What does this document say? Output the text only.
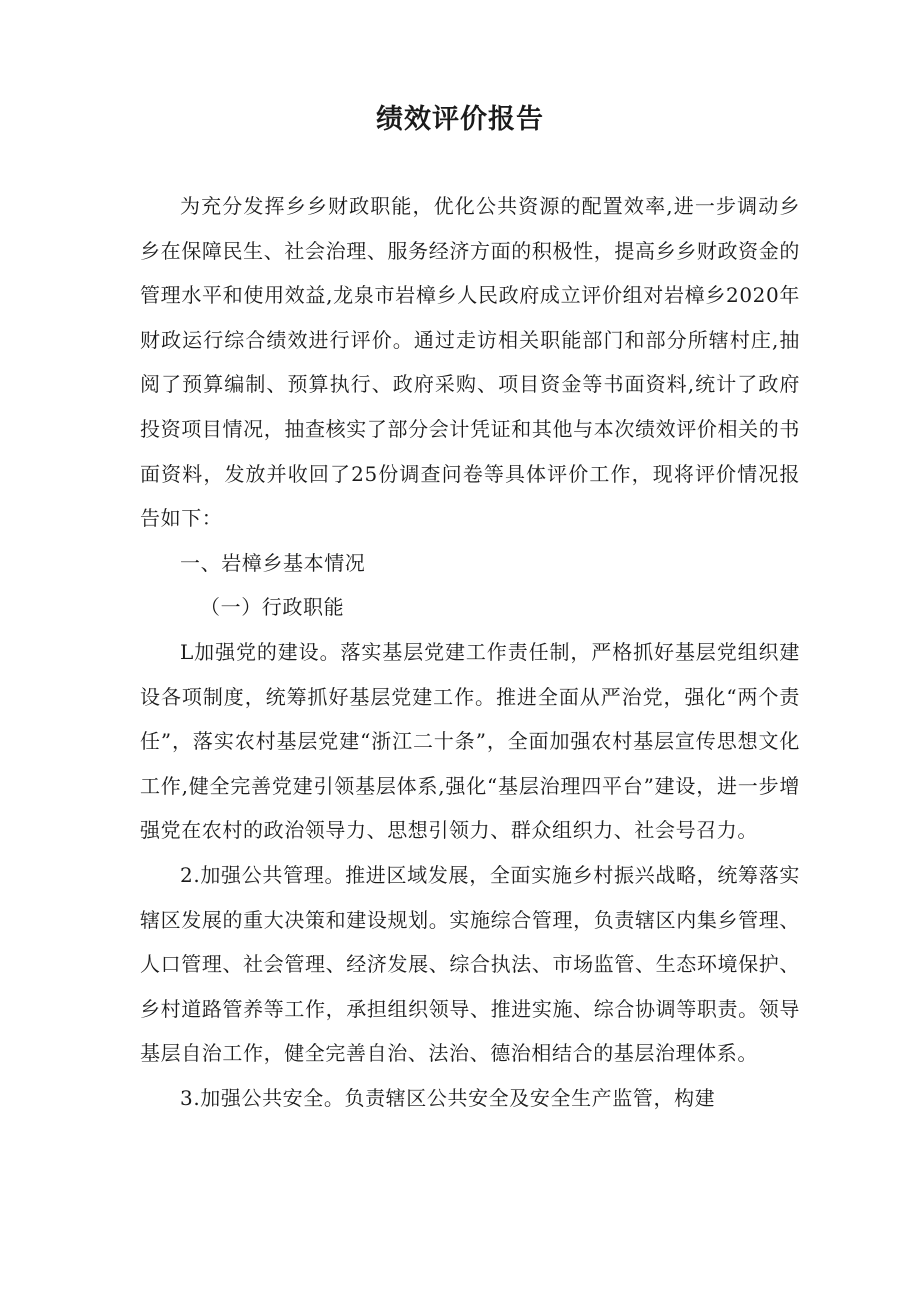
绩效评价报告

为充分发挥乡乡财政职能，优化公共资源的配置效率,进一步调动乡乡在保障民生、社会治理、服务经济方面的积极性，提高乡乡财政资金的管理水平和使用效益,龙泉市岩樟乡人民政府成立评价组对岩樟乡2020年财政运行综合绩效进行评价。通过走访相关职能部门和部分所辖村庄,抽阅了预算编制、预算执行、政府采购、项目资金等书面资料,统计了政府投资项目情况，抽查核实了部分会计凭证和其他与本次绩效评价相关的书面资料，发放并收回了25份调查问卷等具体评价工作，现将评价情况报告如下：

一、岩樟乡基本情况

（一）行政职能

L加强党的建设。落实基层党建工作责任制，严格抓好基层党组织建设各项制度，统筹抓好基层党建工作。推进全面从严治党，强化“两个责任”，落实农村基层党建“浙江二十条”，全面加强农村基层宣传思想文化工作,健全完善党建引领基层体系,强化“基层治理四平台”建设，进一步增强党在农村的政治领导力、思想引领力、群众组织力、社会号召力。

2.加强公共管理。推进区域发展，全面实施乡村振兴战略，统筹落实辖区发展的重大决策和建设规划。实施综合管理，负责辖区内集乡管理、人口管理、社会管理、经济发展、综合执法、市场监管、生态环境保护、乡村道路管养等工作，承担组织领导、推进实施、综合协调等职责。领导基层自治工作，健全完善自治、法治、德治相结合的基层治理体系。

3.加强公共安全。负责辖区公共安全及安全生产监管，构建
